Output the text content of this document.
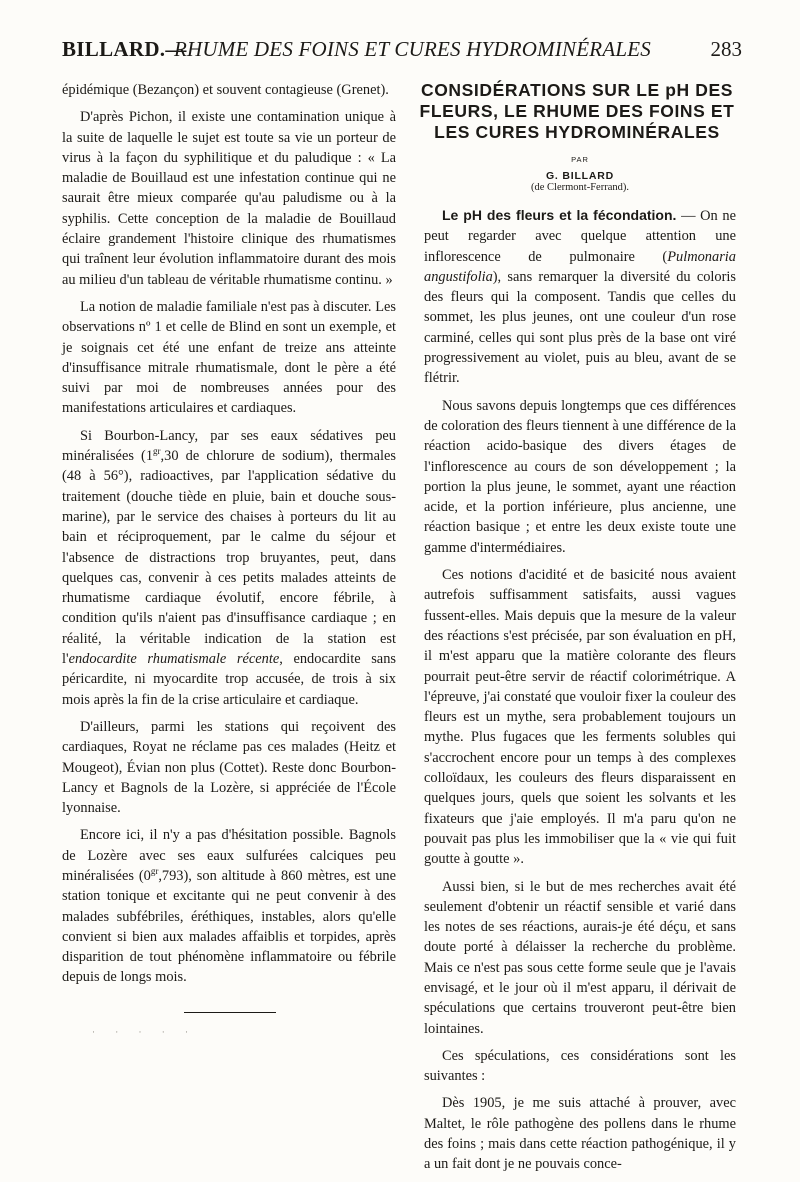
BILLARD.—
RHUME DES FOINS ET CURES HYDROMINÉRALES	283

épidémique (Bezançon) et souvent contagieuse (Grenet).

D'après Pichon, il existe une contamination unique à la suite de laquelle le sujet est toute sa vie un porteur de virus à la façon du syphilitique et du paludique : « La maladie de Bouillaud est une infestation continue qui ne saurait être mieux comparée qu'au paludisme ou à la syphilis. Cette conception de la maladie de Bouillaud éclaire grandement l'histoire clinique des rhumatismes qui traînent leur évolution inflammatoire durant des mois au milieu d'un tableau de véritable rhumatisme continu. »

La notion de maladie familiale n'est pas à discuter. Les observations nº 1 et celle de Blind en sont un exemple, et je soignais cet été une enfant de treize ans atteinte d'insuffisance mitrale rhumatismale, dont le père a été suivi par moi de nombreuses années pour des manifestations articulaires et cardiaques.

Si Bourbon-Lancy, par ses eaux sédatives peu minéralisées ($1^{gr},30$ de chlorure de sodium), thermales (48 à 56°), radioactives, par l'application sédative du traitement (douche tiède en pluie, bain et douche sous-marine), par le service des chaises à porteurs du lit au bain et réciproquement, par le calme du séjour et l'absence de distractions trop bruyantes, peut, dans quelques cas, convenir à ces petits malades atteints de rhumatisme cardiaque évolutif, encore fébrile, à condition qu'ils n'aient pas d'insuffisance cardiaque ; en réalité, la véritable indication de la station est l'endocardite rhumatismale récente, endocardite sans péricardite, ni myocardite trop accusée, de trois à six mois après la fin de la crise articulaire et cardiaque.

D'ailleurs, parmi les stations qui reçoivent des cardiaques, Royat ne réclame pas ces malades (Heitz et Mougeot), Évian non plus (Cottet). Reste donc Bourbon-Lancy et Bagnols de la Lozère, si appréciée de l'École lyonnaise.

Encore ici, il n'y a pas d'hésitation possible. Bagnols de Lozère avec ses eaux sulfurées calciques peu minéralisées $(0^{gr},793)$, son altitude à 860 mètres, est une station tonique et excitante qui ne peut convenir à des malades subfébriles, éréthiques, instables, alors qu'elle convient si bien aux malades affaiblis et torpides, après disparition de tout phénomène inflammatoire ou fébrile depuis de longs mois.

· · · · ·
CONSIDÉRATIONS SUR LE pH DES FLEURS, LE RHUME DES FOINS ET LES CURES HYDROMINÉRALES
PAR
G. BILLARD
(de Clermont-Ferrand).

Le pH des fleurs et la fécondation. — On ne peut regarder avec quelque attention une inflorescence de pulmonaire (Pulmonaria angustifolia), sans remarquer la diversité du coloris des fleurs qui la composent. Tandis que celles du sommet, les plus jeunes, ont une couleur d'un rose carminé, celles qui sont plus près de la base ont viré progressivement au violet, puis au bleu, avant de se flétrir.

Nous savons depuis longtemps que ces différences de coloration des fleurs tiennent à une différence de la réaction acido-basique des divers étages de l'inflorescence au cours de son développement ; la portion la plus jeune, le sommet, ayant une réaction acide, et la portion inférieure, plus ancienne, une réaction basique ; et entre les deux existe toute une gamme d'intermédiaires.

Ces notions d'acidité et de basicité nous avaient autrefois suffisamment satisfaits, aussi vagues fussent-elles. Mais depuis que la mesure de la valeur des réactions s'est précisée, par son évaluation en pH, il m'est apparu que la matière colorante des fleurs pourrait peut-être servir de réactif colorimétrique. A l'épreuve, j'ai constaté que vouloir fixer la couleur des fleurs est un mythe, sera probablement toujours un mythe. Plus fugaces que les ferments solubles qui s'accrochent encore pour un temps à des complexes colloïdaux, les couleurs des fleurs disparaissent en quelques jours, quels que soient les solvants et les fixateurs que j'aie employés. Il m'a paru qu'on ne pouvait pas plus les immobiliser que la « vie qui fuit goutte à goutte ».

Aussi bien, si le but de mes recherches avait été seulement d'obtenir un réactif sensible et varié dans les notes de ses réactions, aurais-je été déçu, et sans doute porté à délaisser la recherche du problème. Mais ce n'est pas sous cette forme seule que je l'avais envisagé, et le jour où il m'est apparu, il dérivait de spéculations que certains trouveront peut-être bien lointaines.

Ces spéculations, ces considérations sont les suivantes :

Dès 1905, je me suis attaché à prouver, avec Maltet, le rôle pathogène des pollens dans le rhume des foins ; mais dans cette réaction pathogénique, il y a un fait dont je ne pouvais conce-
